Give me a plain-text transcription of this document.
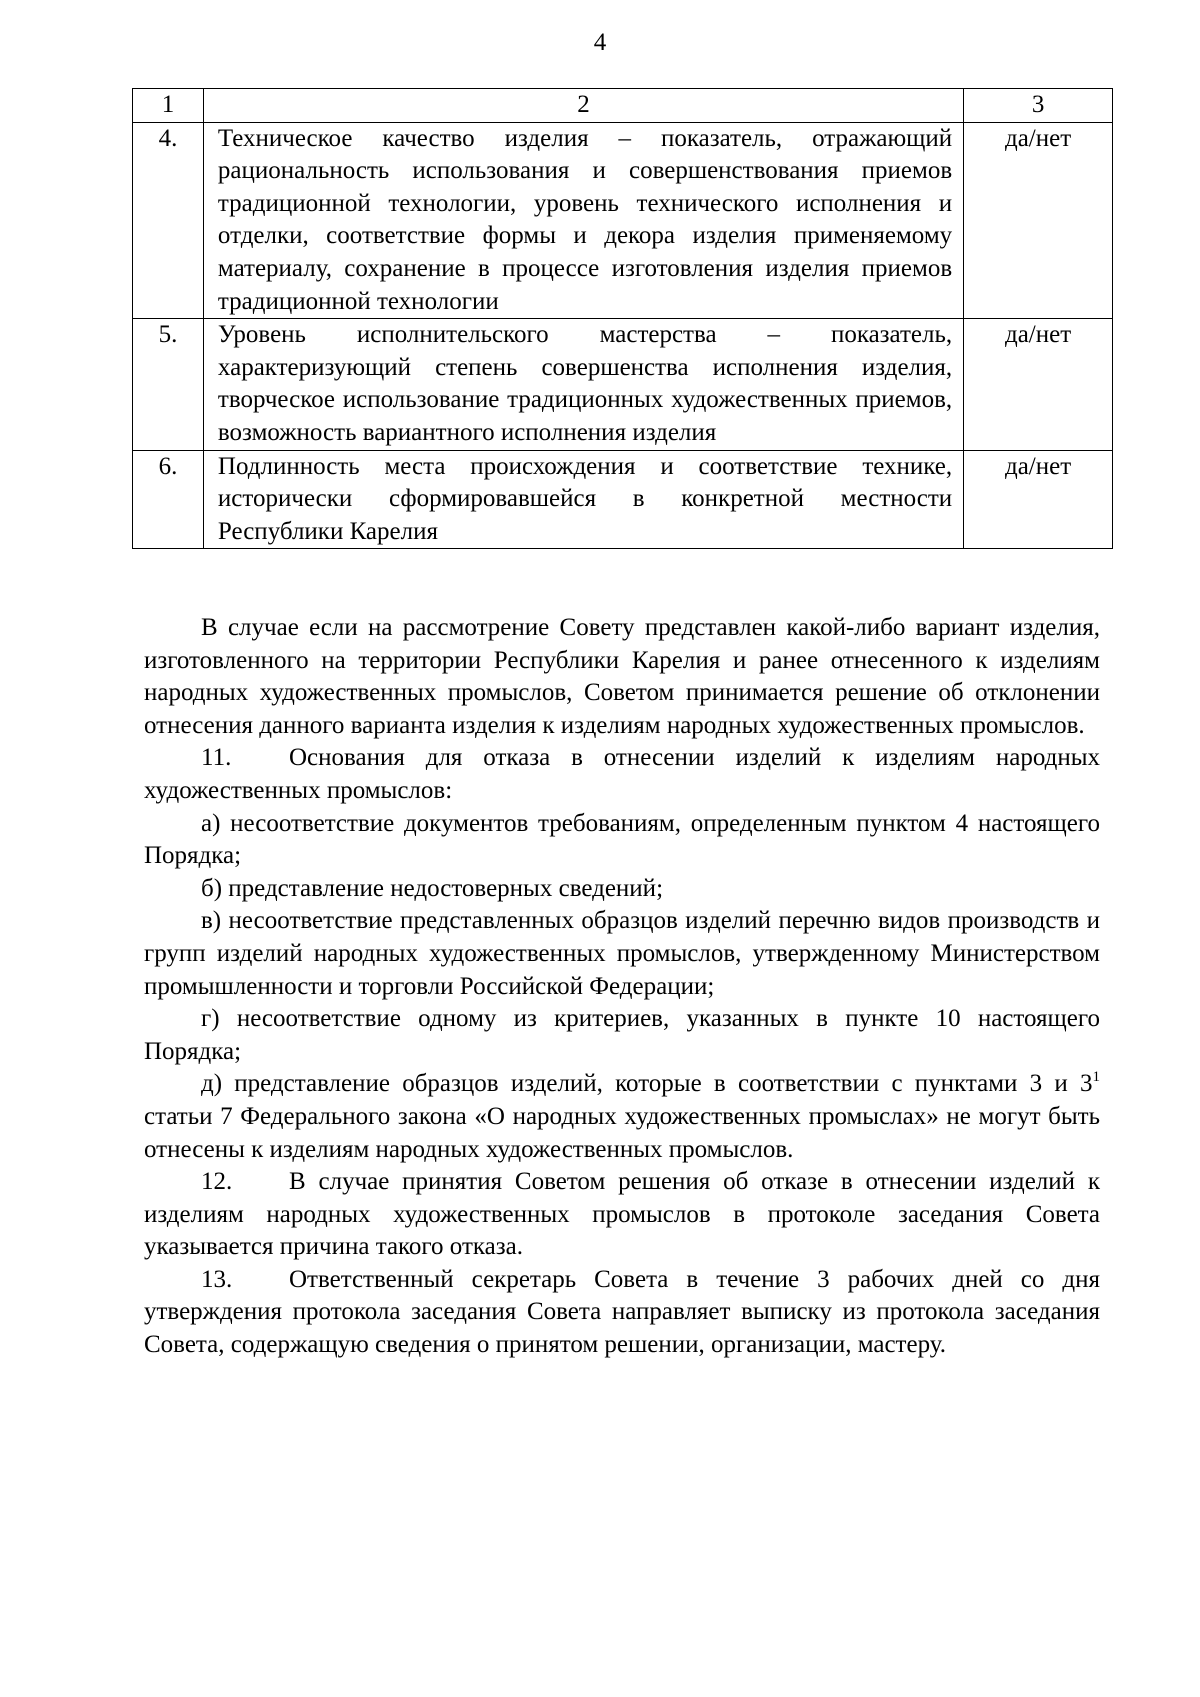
4
1	2	3
4.	Техническое качество изделия – показатель, отражающий рациональность использования и совершенствования приемов традиционной технологии, уровень технического исполнения и отделки, соответствие формы и декора изделия применяемому материалу, сохранение в процессе изготовления изделия приемов традиционной технологии	да/нет
5.	Уровень исполнительского мастерства – показатель, характеризующий степень совершенства исполнения изделия, творческое использование традиционных художественных приемов, возможность вариантного исполнения изделия	да/нет
6.	Подлинность места происхождения и соответствие технике, исторически сформировавшейся в конкретной местности Республики Карелия	да/нет

В случае если на рассмотрение Совету представлен какой-либо вариант изделия, изготовленного на территории Республики Карелия и ранее отнесенного к изделиям народных художественных промыслов, Советом принимается решение об отклонении отнесения данного варианта изделия к изделиям народных художественных промыслов.

11. Основания для отказа в отнесении изделий к изделиям народных художественных промыслов:

а) несоответствие документов требованиям, определенным пунктом 4 настоящего Порядка;

б) представление недостоверных сведений;

в) несоответствие представленных образцов изделий перечню видов производств и групп изделий народных художественных промыслов, утвержденному Министерством промышленности и торговли Российской Федерации;

г) несоответствие одному из критериев, указанных в пункте 10 настоящего Порядка;

д) представление образцов изделий, которые в соответствии с пунктами 3 и $3^1$ статьи 7 Федерального закона «О народных художественных промыслах» не могут быть отнесены к изделиям народных художественных промыслов.

12. В случае принятия Советом решения об отказе в отнесении изделий к изделиям народных художественных промыслов в протоколе заседания Совета указывается причина такого отказа.

13. Ответственный секретарь Совета в течение 3 рабочих дней со дня утверждения протокола заседания Совета направляет выписку из протокола заседания Совета, содержащую сведения о принятом решении, организации, мастеру.
